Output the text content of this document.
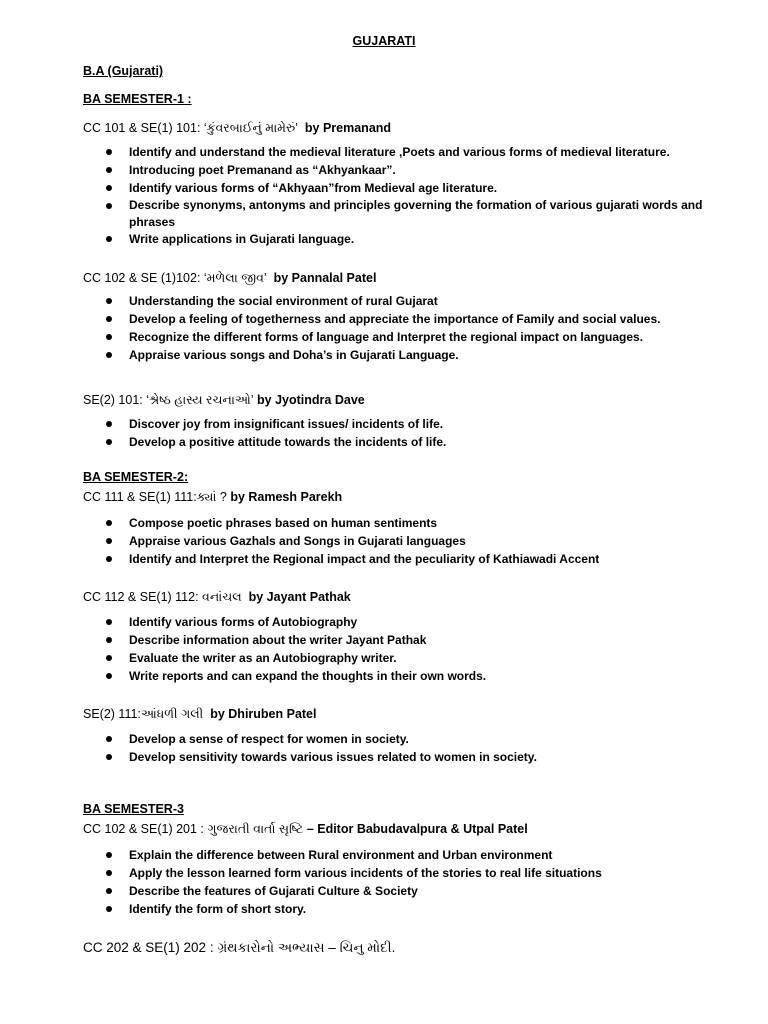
GUJARATI
B.A (Gujarati)
BA SEMESTER-1 :
CC 101 & SE(1) 101: ‘કુંવરબાઈનું મામેરું’ by Premanand
Identify and understand the medieval literature ,Poets and various forms of medieval literature.
Introducing poet Premanand as “Akhyankaar”.
Identify various forms of “Akhyaan”from Medieval age literature.
Describe synonyms, antonyms and principles governing the formation of various gujarati words and phrases
Write applications in Gujarati language.
CC 102 & SE (1)102: ‘મળેલા જીવ’ by Pannalal Patel
Understanding the social environment of rural Gujarat
Develop a feeling of togetherness and appreciate the importance of Family and social values.
Recognize the different forms of language and Interpret the regional impact on languages.
Appraise various songs and Doha’s in Gujarati Language.
SE(2) 101: ‘શ્રેષ્ઠ હાસ્ય રચનાઓ’ by Jyotindra Dave
Discover joy from insignificant issues/ incidents of life.
Develop a positive attitude towards the incidents of life.
BA SEMESTER-2:
CC 111 & SE(1) 111:ક્યાં ? by Ramesh Parekh
Compose poetic phrases based on human sentiments
Appraise various Gazhals and Songs in Gujarati languages
Identify and Interpret the Regional impact and the peculiarity of Kathiawadi Accent
CC 112 & SE(1) 112: વનાંચલ by Jayant Pathak
Identify various forms of Autobiography
Describe information about the writer Jayant Pathak
Evaluate the writer as an Autobiography writer.
Write reports and can expand the thoughts in their own words.
SE(2) 111:આંધળી ગલી by Dhiruben Patel
Develop a sense of respect for women in society.
Develop sensitivity towards various issues related to women in society.
BA SEMESTER-3
CC 102 & SE(1) 201 : ગુજરાતી વાર્તા સૃષ્ટિ – Editor Babudavalpura & Utpal Patel
Explain the difference between Rural environment and Urban environment
Apply the lesson learned form various incidents of the stories to real life situations
Describe the features of Gujarati Culture & Society
Identify the form of short story.
CC 202 & SE(1) 202 : ગ્રંથકારોનો અભ્યાસ – ચિનુ મોદી.
